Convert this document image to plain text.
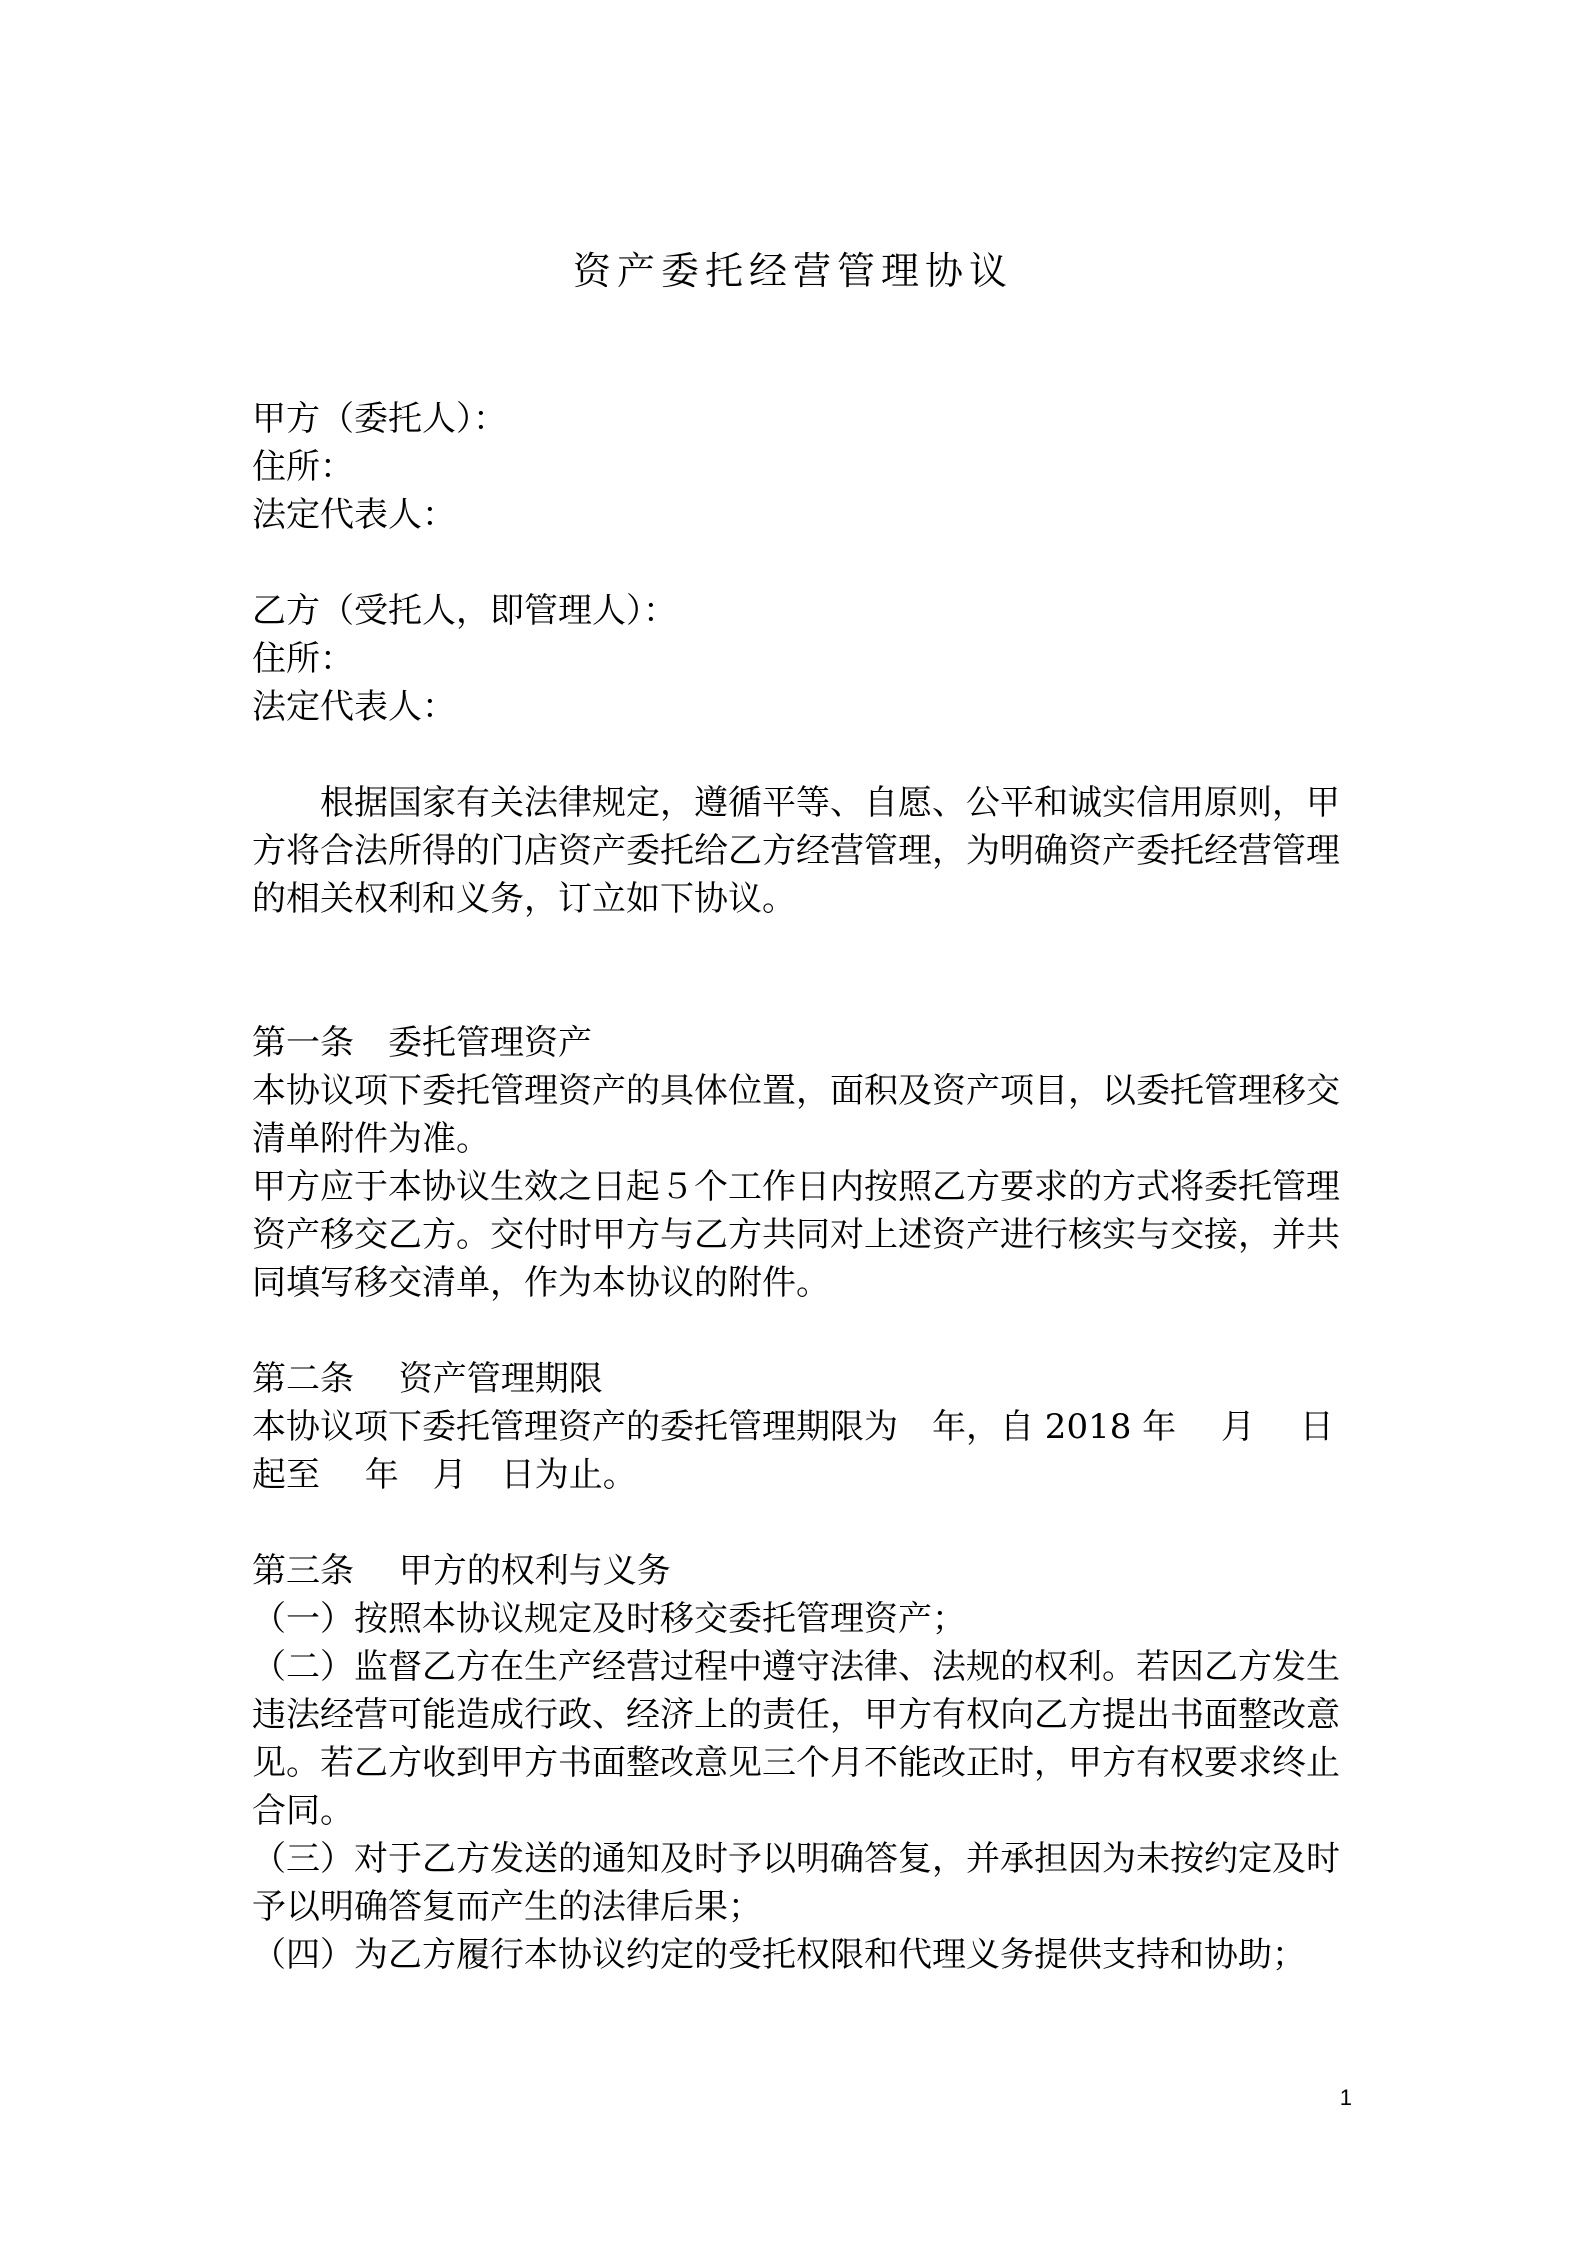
资产委托经营管理协议
甲方（委托人）：
住所：
法定代表人：
乙方（受托人，即管理人）：
住所：
法定代表人：
根据国家有关法律规定，遵循平等、自愿、公平和诚实信用原则，甲方将合法所得的门店资产委托给乙方经营管理，为明确资产委托经营管理的相关权利和义务，订立如下协议。
第一条　委托管理资产
本协议项下委托管理资产的具体位置，面积及资产项目，以委托管理移交清单附件为准。
甲方应于本协议生效之日起５个工作日内按照乙方要求的方式将委托管理资产移交乙方。交付时甲方与乙方共同对上述资产进行核实与交接，并共同填写移交清单，作为本协议的附件。
第二条　 资产管理期限
本协议项下委托管理资产的委托管理期限为　年，自 2018 年　 月　 日起至　 年　月　日为止。
第三条　 甲方的权利与义务
（一）按照本协议规定及时移交委托管理资产；
（二）监督乙方在生产经营过程中遵守法律、法规的权利。若因乙方发生违法经营可能造成行政、经济上的责任，甲方有权向乙方提出书面整改意见。若乙方收到甲方书面整改意见三个月不能改正时，甲方有权要求终止合同。
（三）对于乙方发送的通知及时予以明确答复，并承担因为未按约定及时予以明确答复而产生的法律后果；
（四）为乙方履行本协议约定的受托权限和代理义务提供支持和协助；
1
